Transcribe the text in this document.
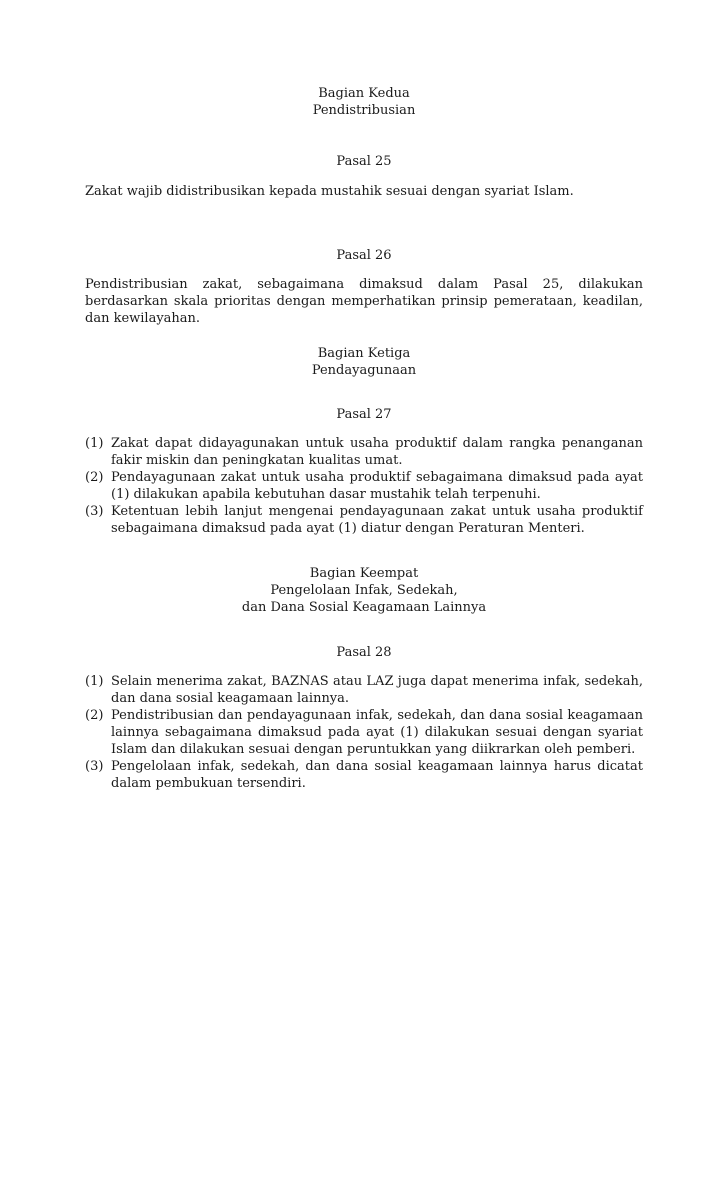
Bagian Kedua

Pendistribusian

Pasal 25

Zakat wajib didistribusikan kepada mustahik sesuai dengan syariat Islam.

Pasal 26

Pendistribusian zakat, sebagaimana dimaksud dalam Pasal 25, dilakukan berdasarkan skala prioritas dengan memperhatikan prinsip pemerataan, keadilan, dan kewilayahan.

Bagian Ketiga

Pendayagunaan

Pasal 27

(1) Zakat dapat didayagunakan untuk usaha produktif dalam rangka penanganan fakir miskin dan peningkatan kualitas umat.
(2) Pendayagunaan zakat untuk usaha produktif sebagaimana dimaksud pada ayat (1) dilakukan apabila kebutuhan dasar mustahik telah terpenuhi.
(3) Ketentuan lebih lanjut mengenai pendayagunaan zakat untuk usaha produktif sebagaimana dimaksud pada ayat (1) diatur dengan Peraturan Menteri.

Bagian Keempat

Pengelolaan Infak, Sedekah,

dan Dana Sosial Keagamaan Lainnya

Pasal 28

(1) Selain menerima zakat, BAZNAS atau LAZ juga dapat menerima infak, sedekah, dan dana sosial keagamaan lainnya.
(2) Pendistribusian dan pendayagunaan infak, sedekah, dan dana sosial keagamaan lainnya sebagaimana dimaksud pada ayat (1) dilakukan sesuai dengan syariat Islam dan dilakukan sesuai dengan peruntukkan yang diikrarkan oleh pemberi.
(3) Pengelolaan infak, sedekah, dan dana sosial keagamaan lainnya harus dicatat dalam pembukuan tersendiri.
